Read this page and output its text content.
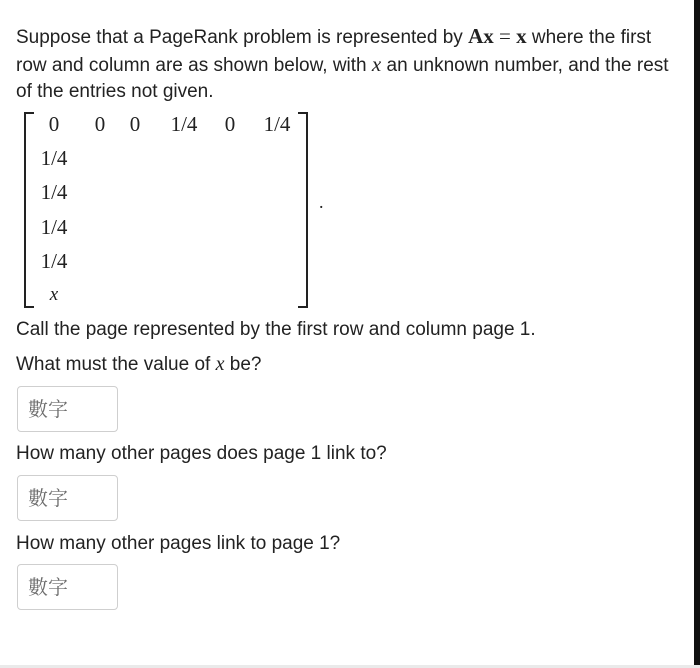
Suppose that a PageRank problem is represented by Ax = x where the first
row and column are as shown below, with x an unknown number, and the rest
of the entries not given.
0	0	0	1/4	0	1/4
1/4
1/4
1/4
1/4
x
.
Call the page represented by the first row and column page 1.
What must the value of x be?
數字
How many other pages does page 1 link to?
數字
How many other pages link to page 1?
數字
